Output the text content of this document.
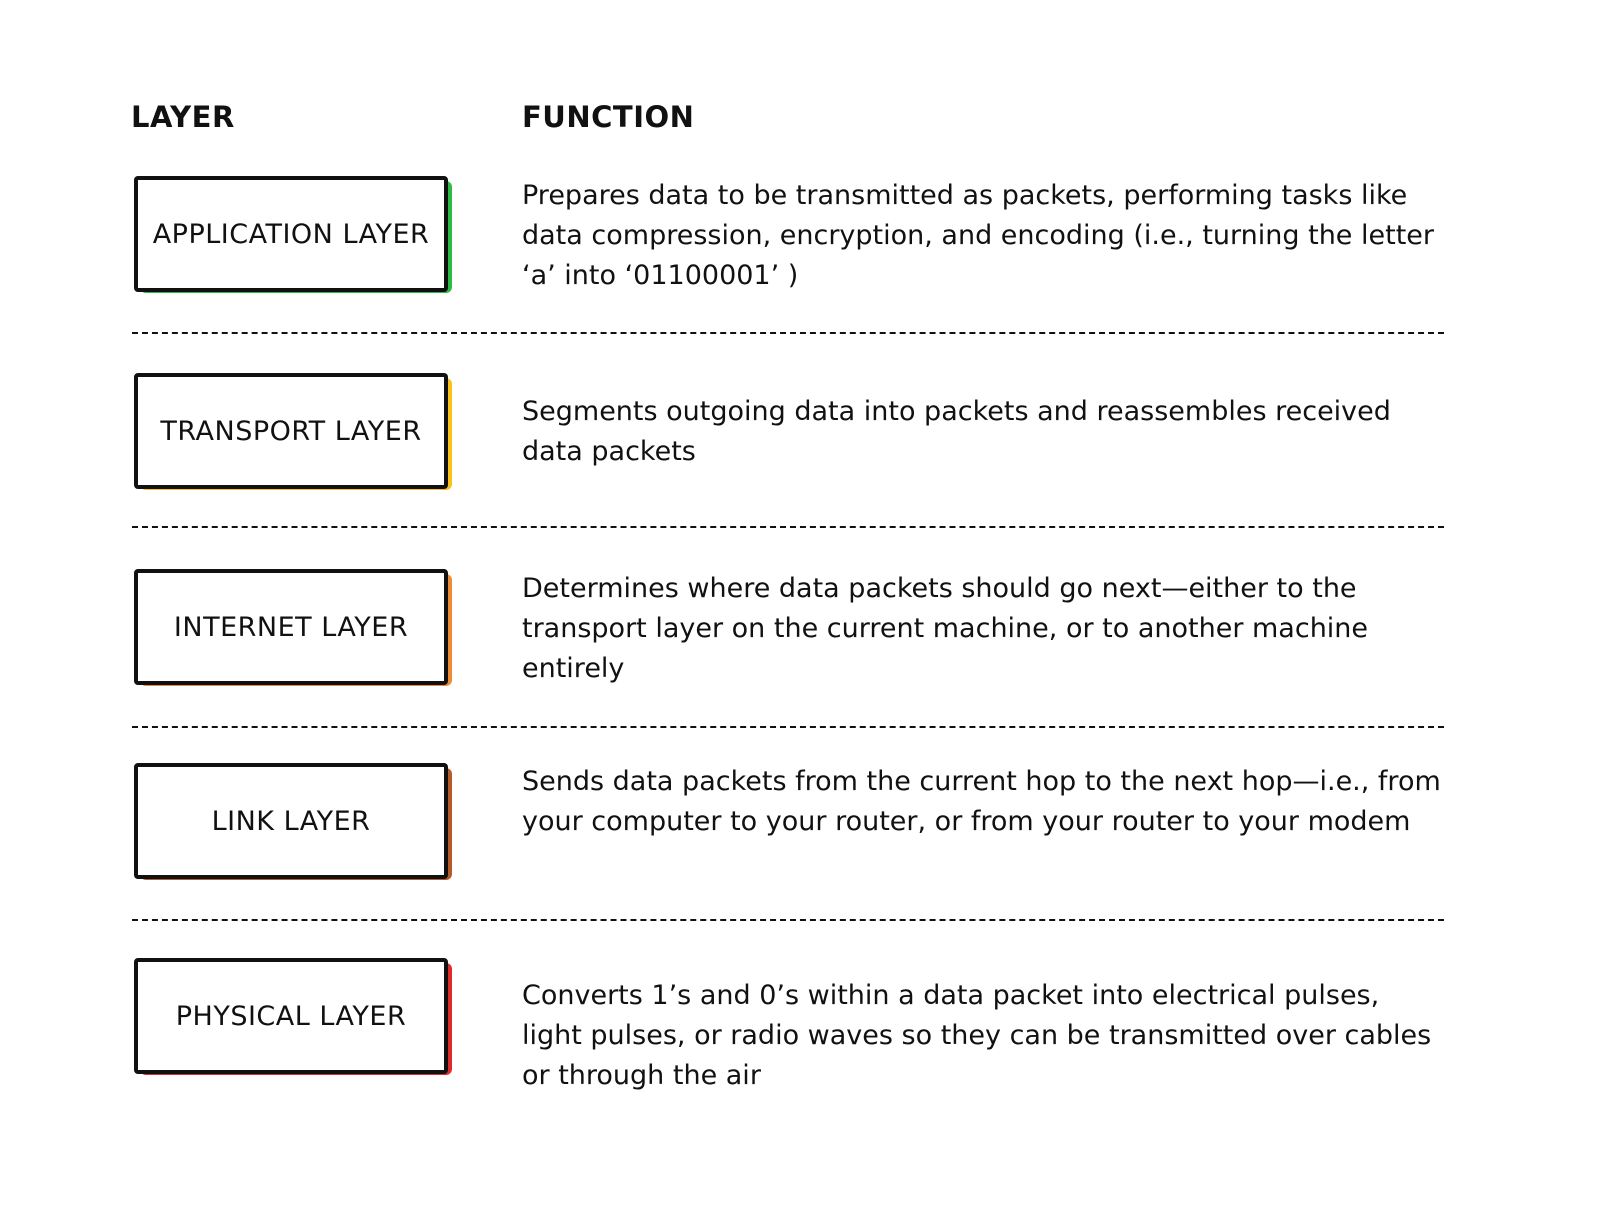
LAYER	FUNCTION
APPLICATION LAYER
Prepares data to be transmitted as packets, performing tasks like data compression, encryption, and encoding (i.e., turning the letter ‘a’ into ‘01100001’ )
TRANSPORT LAYER
Segments outgoing data into packets and reassembles received data packets
INTERNET LAYER
Determines where data packets should go next—either to the transport layer on the current machine, or to another machine entirely
LINK LAYER
Sends data packets from the current hop to the next hop—i.e., from your computer to your router, or from your router to your modem
PHYSICAL LAYER
Converts 1’s and 0’s within a data packet into electrical pulses, light pulses, or radio waves so they can be transmitted over cables or through the air
